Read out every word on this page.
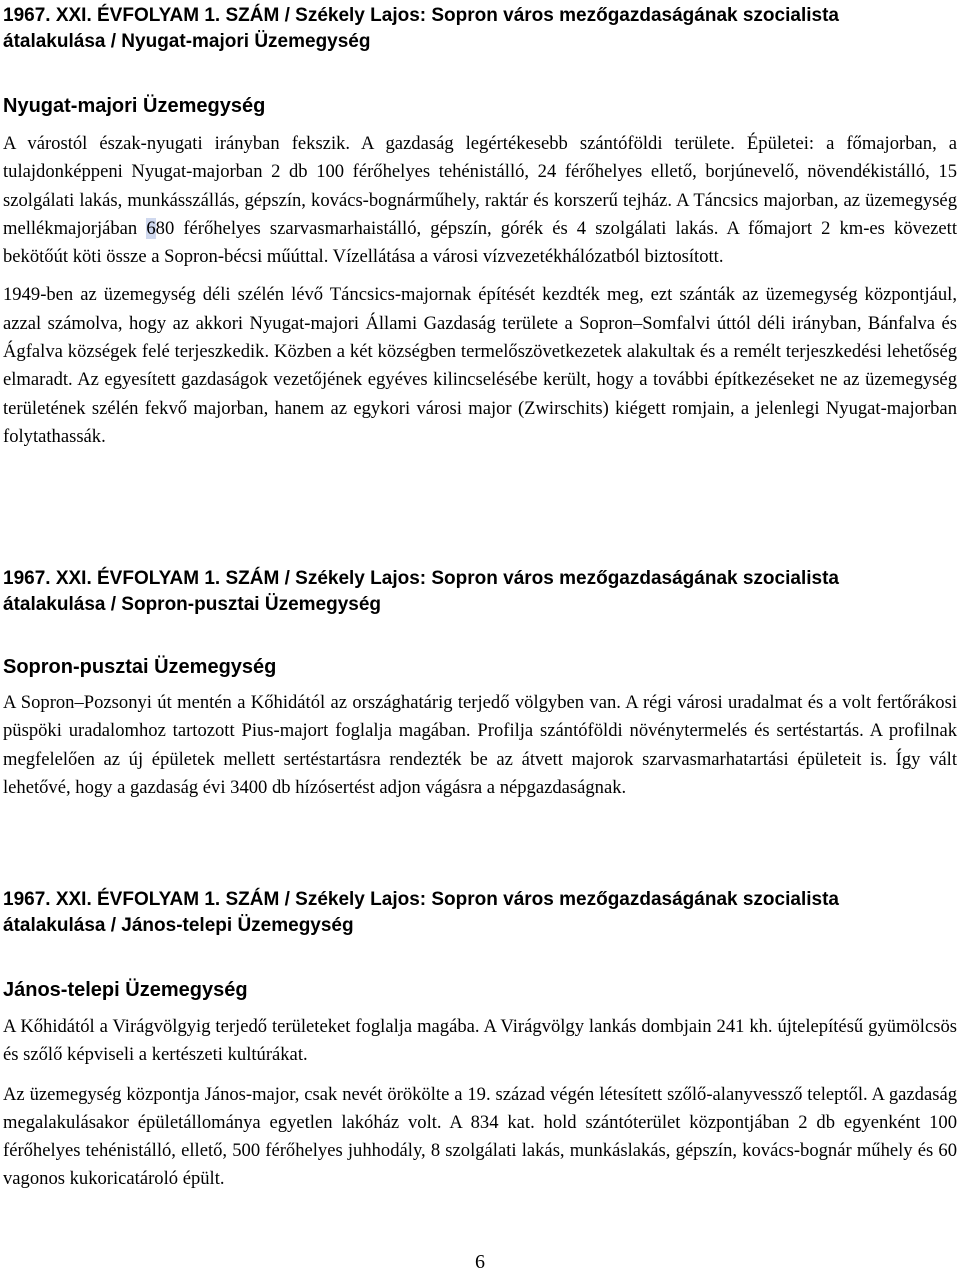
1967. XXI. ÉVFOLYAM 1. SZÁM / Székely Lajos: Sopron város mezőgazdaságának szocialista
átalakulása / Nyugat-majori Üzemegység
Nyugat-majori Üzemegység

A várostól észak-nyugati irányban fekszik. A gazdaság legértékesebb szántóföldi területe. Épületei: a főmajorban, a tulajdonképpeni Nyugat-majorban 2 db 100 férőhelyes tehénistálló, 24 férőhelyes ellető, borjúnevelő, növendékistálló, 15 szolgálati lakás, munkásszállás, gépszín, kovács-bognárműhely, raktár és korszerű tejház. A Táncsics majorban, az üzemegység mellékmajorjában 680 férőhelyes szarvasmarhaistálló, gépszín, górék és 4 szolgálati lakás. A főmajort 2 km-es kövezett bekötőút köti össze a Sopron-bécsi műúttal. Vízellátása a városi vízvezetékhálózatból biztosított.

1949-ben az üzemegység déli szélén lévő Táncsics-majornak építését kezdték meg, ezt szánták az üzemegység központjául, azzal számolva, hogy az akkori Nyugat-majori Állami Gazdaság területe a Sopron–Somfalvi úttól déli irányban, Bánfalva és Ágfalva községek felé terjeszkedik. Közben a két községben termelőszövetkezetek alakultak és a remélt terjeszkedési lehetőség elmaradt. Az egyesített gazdaságok vezetőjének egyéves kilincselésébe került, hogy a további építkezéseket ne az üzemegység területének szélén fekvő majorban, hanem az egykori városi major (Zwirschits) kiégett romjain, a jelenlegi Nyugat-majorban folytathassák.

1967. XXI. ÉVFOLYAM 1. SZÁM / Székely Lajos: Sopron város mezőgazdaságának szocialista
átalakulása / Sopron-pusztai Üzemegység
Sopron-pusztai Üzemegység

A Sopron–Pozsonyi út mentén a Kőhidától az országhatárig terjedő völgyben van. A régi városi uradalmat és a volt fertőrákosi püspöki uradalomhoz tartozott Pius-majort foglalja magában. Profilja szántóföldi növénytermelés és sertéstartás. A profilnak megfelelően az új épületek mellett sertéstartásra rendezték be az átvett majorok szarvasmarhatartási épületeit is. Így vált lehetővé, hogy a gazdaság évi 3400 db hízósertést adjon vágásra a népgazdaságnak.

1967. XXI. ÉVFOLYAM 1. SZÁM / Székely Lajos: Sopron város mezőgazdaságának szocialista
átalakulása / János-telepi Üzemegység
János-telepi Üzemegység

A Kőhidától a Virágvölgyig terjedő területeket foglalja magába. A Virágvölgy lankás dombjain 241 kh. újtelepítésű gyümölcsös és szőlő képviseli a kertészeti kultúrákat.

Az üzemegység központja János-major, csak nevét örökölte a 19. század végén létesített szőlő-alanyvessző teleptől. A gazdaság megalakulásakor épületállománya egyetlen lakóház volt. A 834 kat. hold szántóterület központjában 2 db egyenként 100 férőhelyes tehénistálló, ellető, 500 férőhelyes juhhodály, 8 szolgálati lakás, munkáslakás, gépszín, kovács-bognár műhely és 60 vagonos kukoricatároló épült.

6
